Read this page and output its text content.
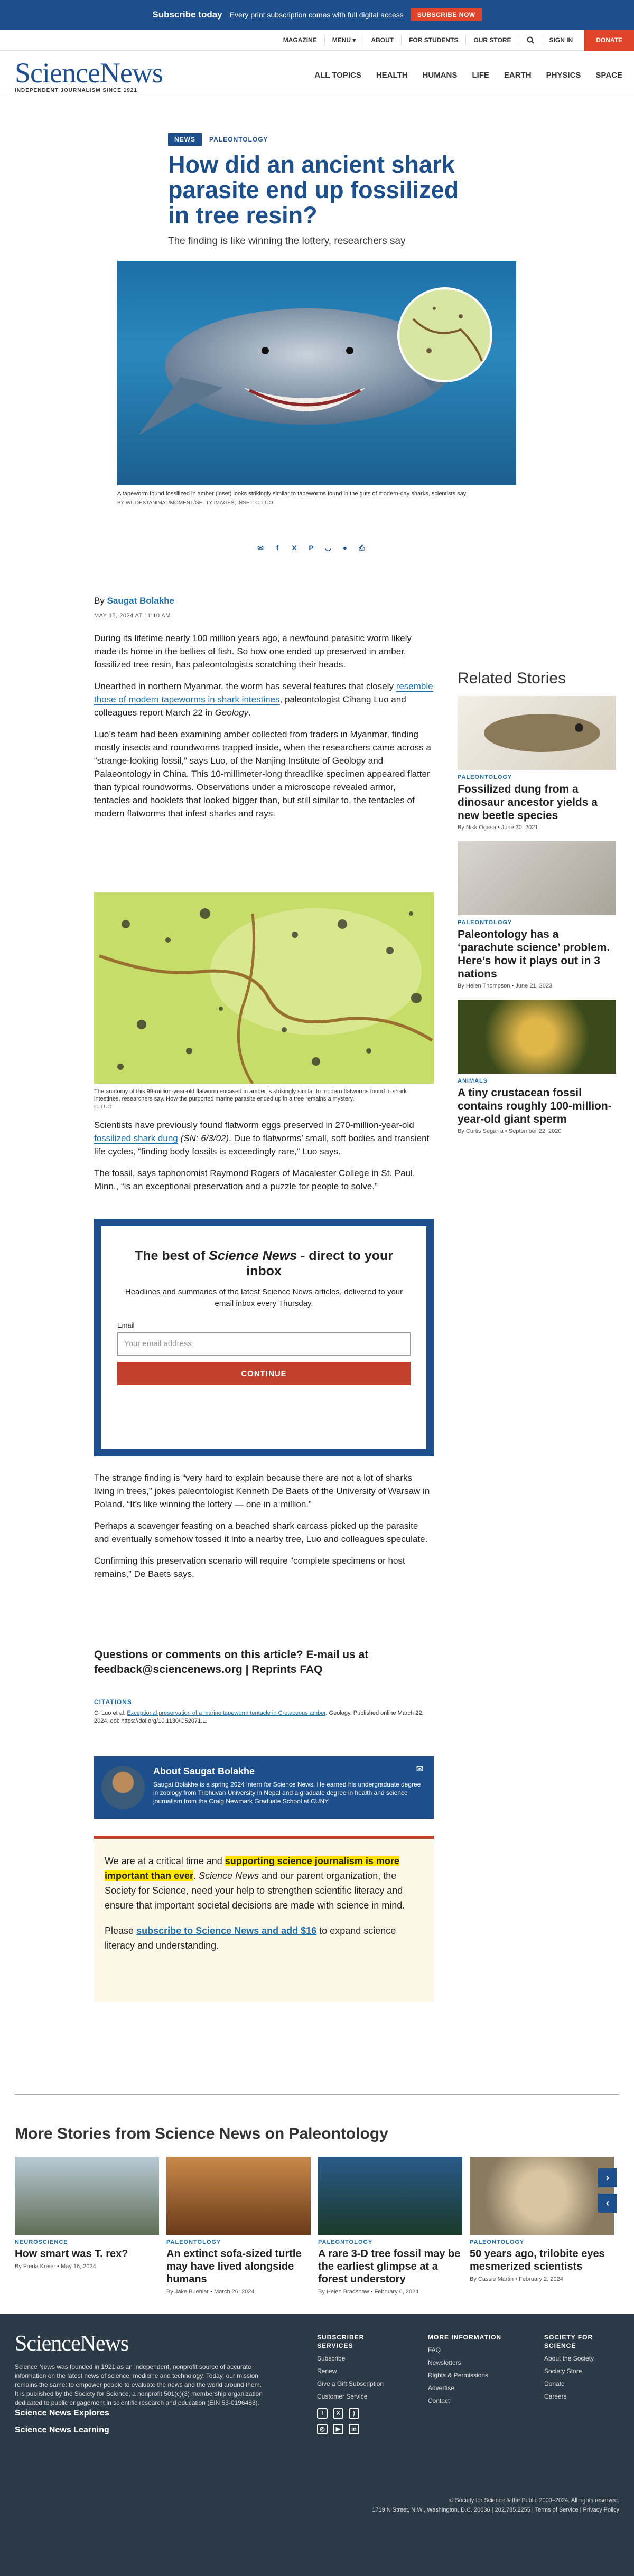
Subscribe today Every print subscription comes with full digital access	SUBSCRIBE NOW
MAGAZINE	MENU ▾	ABOUT	FOR STUDENTS	OUR STORE	SIGN IN	DONATE
ScienceNews
INDEPENDENT JOURNALISM SINCE 1921
ALL TOPICS HEALTH HUMANS LIFE EARTH PHYSICS SPACE
NEWS	PALEONTOLOGY
How did an ancient shark parasite end up fossilized in tree resin?
The finding is like winning the lottery, researchers say
A tapeworm found fossilized in amber (inset) looks strikingly similar to tapeworms found in the guts of modern-day sharks, scientists say.
BY WILDESTANIMAL/MOMENT/GETTY IMAGES; INSET: C. LUO
✉	f	X	P	◡	●	⎙
By Saugat Bolakhe
MAY 15, 2024 AT 11:10 AM

During its lifetime nearly 100 million years ago, a newfound parasitic worm likely made its home in the bellies of fish. So how one ended up preserved in amber, fossilized tree resin, has paleontologists scratching their heads.

Unearthed in northern Myanmar, the worm has several features that closely resemble those of modern tapeworms in shark intestines, paleontologist Cihang Luo and colleagues report March 22 in Geology.

Luo’s team had been examining amber collected from traders in Myanmar, finding mostly insects and roundworms trapped inside, when the researchers came across a “strange-looking fossil,” says Luo, of the Nanjing Institute of Geology and Palaeontology in China. This 10-millimeter-long threadlike specimen appeared flatter than typical roundworms. Observations under a microscope revealed armor, tentacles and hooklets that looked bigger than, but still similar to, the tentacles of modern flatworms that infest sharks and rays.

The anatomy of this 99-million-year-old flatworm encased in amber is strikingly similar to modern flatworms found in shark intestines, researchers say. How the purported marine parasite ended up in a tree remains a mystery.
C. LUO

Scientists have previously found flatworm eggs preserved in 270-million-year-old fossilized shark dung (SN: 6/3/02). Due to flatworms’ small, soft bodies and transient life cycles, “finding body fossils is exceedingly rare,” Luo says.

The fossil, says taphonomist Raymond Rogers of Macalester College in St. Paul, Minn., “is an exceptional preservation and a puzzle for people to solve.”

The best of Science News - direct to your inbox
Headlines and summaries of the latest Science News articles, delivered to your email inbox every Thursday.
Email
Your email address
CONTINUE

The strange finding is “very hard to explain because there are not a lot of sharks living in trees,” jokes paleontologist Kenneth De Baets of the University of Warsaw in Poland. “It’s like winning the lottery — one in a million.”

Perhaps a scavenger feasting on a beached shark carcass picked up the parasite and eventually somehow tossed it into a nearby tree, Luo and colleagues speculate.

Confirming this preservation scenario will require “complete specimens or host remains,” De Baets says.

Questions or comments on this article? E-mail us at feedback@sciencenews.org | Reprints FAQ
CITATIONS
C. Luo et al. Exceptional preservation of a marine tapeworm tentacle in Cretaceous amber. Geology. Published online March 22, 2024. doi: https://doi.org/10.1130/G52071.1.
About Saugat Bolakhe

Saugat Bolakhe is a spring 2024 intern for Science News. He earned his undergraduate degree in zoology from Tribhuvan University in Nepal and a graduate degree in health and science journalism from the Craig Newmark Graduate School at CUNY.

✉

We are at a critical time and supporting science journalism is more important than ever. Science News and our parent organization, the Society for Science, need your help to strengthen scientific literacy and ensure that important societal decisions are made with science in mind.

Please subscribe to Science News and add $16 to expand science literacy and understanding.

Related Stories
PALEONTOLOGY
Fossilized dung from a dinosaur ancestor yields a new beetle species
By Nikk Ogasa • June 30, 2021
PALEONTOLOGY
Paleontology has a ‘parachute science’ problem. Here’s how it plays out in 3 nations
By Helen Thompson • June 21, 2023
ANIMALS
A tiny crustacean fossil contains roughly 100-million-year-old giant sperm
By Curtis Segarra • September 22, 2020
More Stories from Science News on Paleontology
NEUROSCIENCE
How smart was T. rex?
By Freda Kreier • May 16, 2024
PALEONTOLOGY
An extinct sofa-sized turtle may have lived alongside humans
By Jake Buehler • March 26, 2024
PALEONTOLOGY
A rare 3-D tree fossil may be the earliest glimpse at a forest understory
By Helen Bradshaw • February 6, 2024
PALEONTOLOGY
50 years ago, trilobite eyes mesmerized scientists
By Cassie Martin • February 2, 2024
›
‹
ScienceNews
Science News was founded in 1921 as an independent, nonprofit source of accurate information on the latest news of science, medicine and technology. Today, our mission remains the same: to empower people to evaluate the news and the world around them. It is published by the Society for Science, a nonprofit 501(c)(3) membership organization dedicated to public engagement in scientific research and education (EIN 53-0196483).
Science News Explores
Science News Learning
SUBSCRIBER SERVICES
Subscribe
Renew
Give a Gift Subscription
Customer Service
f	X	)
◎	▶	in
MORE INFORMATION
FAQ
Newsletters
Rights & Permissions
Advertise
Contact
SOCIETY FOR SCIENCE
About the Society
Society Store
Donate
Careers
© Society for Science & the Public 2000–2024. All rights reserved.
1719 N Street, N.W., Washington, D.C. 20036 | 202.785.2255 | Terms of Service | Privacy Policy
